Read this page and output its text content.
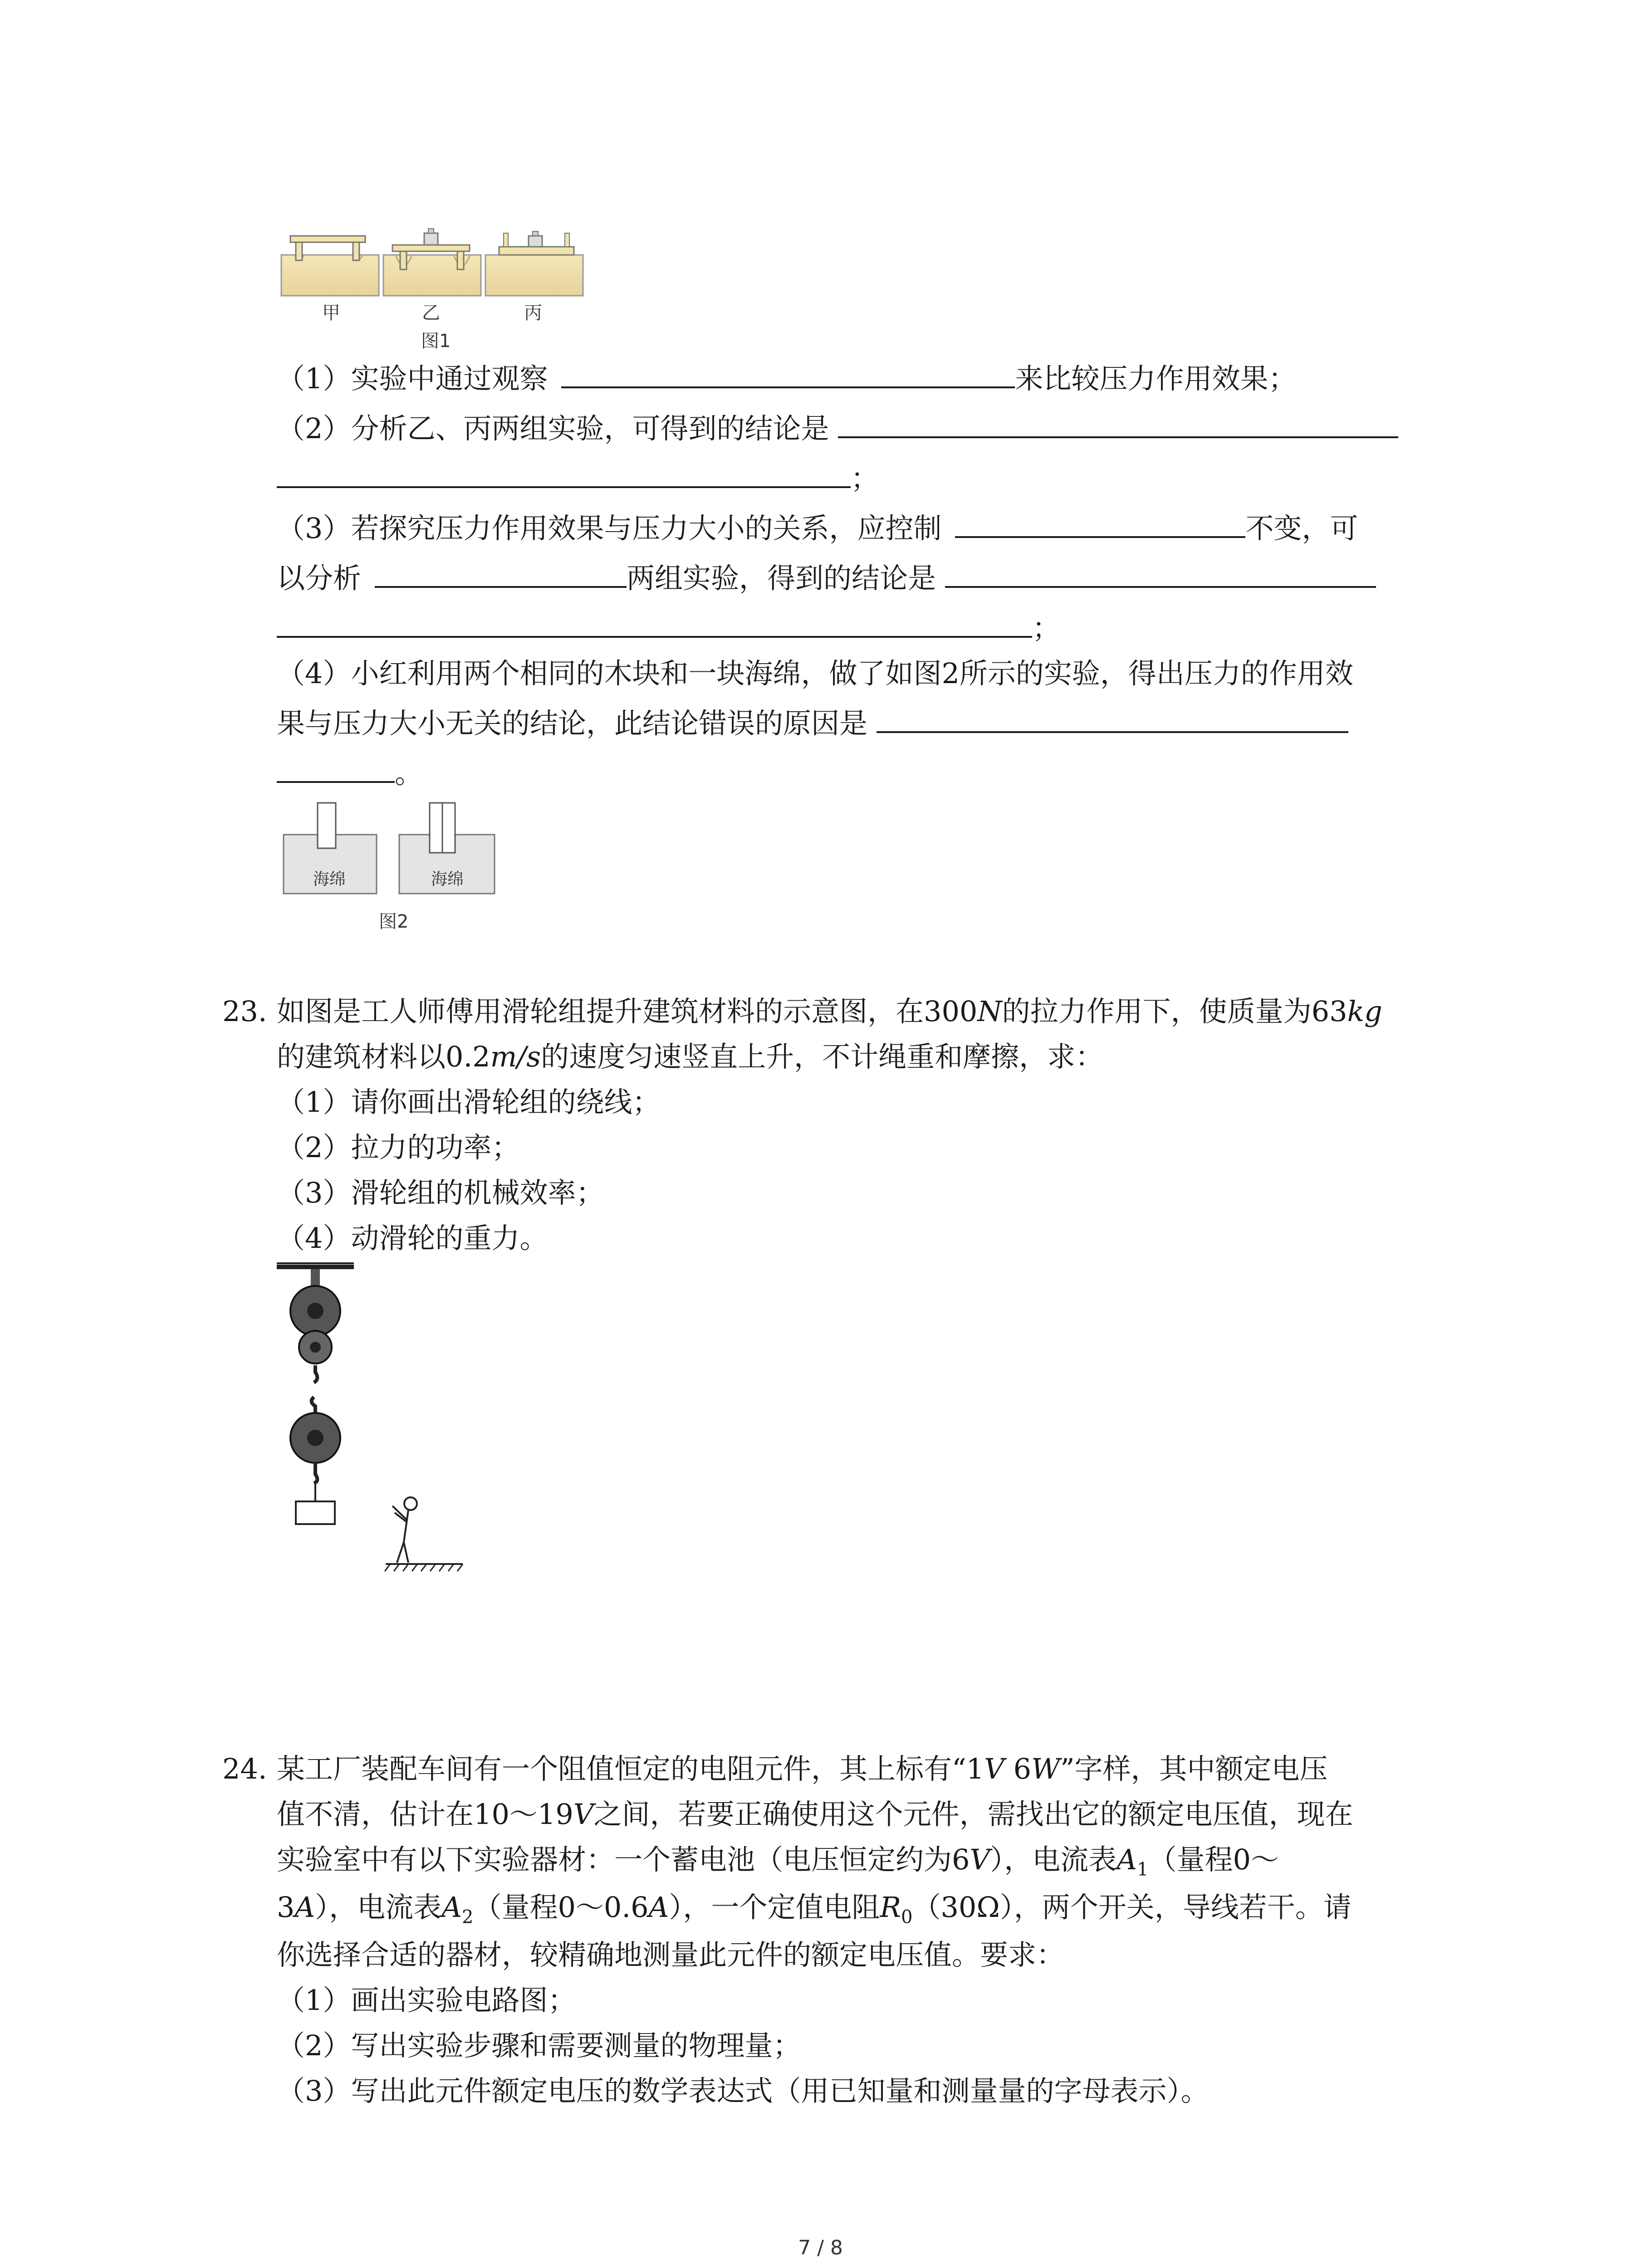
甲	乙	丙
图1
（1）实验中通过观察	来比较压力作用效果；
（2）分析乙、丙两组实验，可得到的结论是
；
（3）若探究压力作用效果与压力大小的关系，应控制	不变，可
以分析	两组实验，得到的结论是
；
（4）小红利用两个相同的木块和一块海绵，做了如图2所示的实验，得出压力的作用效
果与压力大小无关的结论，此结论错误的原因是
。
海绵	海绵
图2
23. 如图是工人师傅用滑轮组提升建筑材料的示意图，在300N的拉力作用下，使质量为63kg
的建筑材料以0.2m/s的速度匀速竖直上升，不计绳重和摩擦，求：
（1）请你画出滑轮组的绕线；
（2）拉力的功率；
（3）滑轮组的机械效率；
（4）动滑轮的重力。
24. 某工厂装配车间有一个阻值恒定的电阻元件，其上标有“1V 6W”字样，其中额定电压
值不清，估计在10～19V之间，若要正确使用这个元件，需找出它的额定电压值，现在
实验室中有以下实验器材：一个蓄电池（电压恒定约为6V），电流表$A_1$（量程0～
3A），电流表$A_2$（量程0～0.6A），一个定值电阻$R_0(30\Omega)$，两个开关，导线若干。请
你选择合适的器材，较精确地测量此元件的额定电压值。要求：
（1）画出实验电路图；
（2）写出实验步骤和需要测量的物理量；
（3）写出此元件额定电压的数学表达式（用已知量和测量量的字母表示）。
7 / 8
